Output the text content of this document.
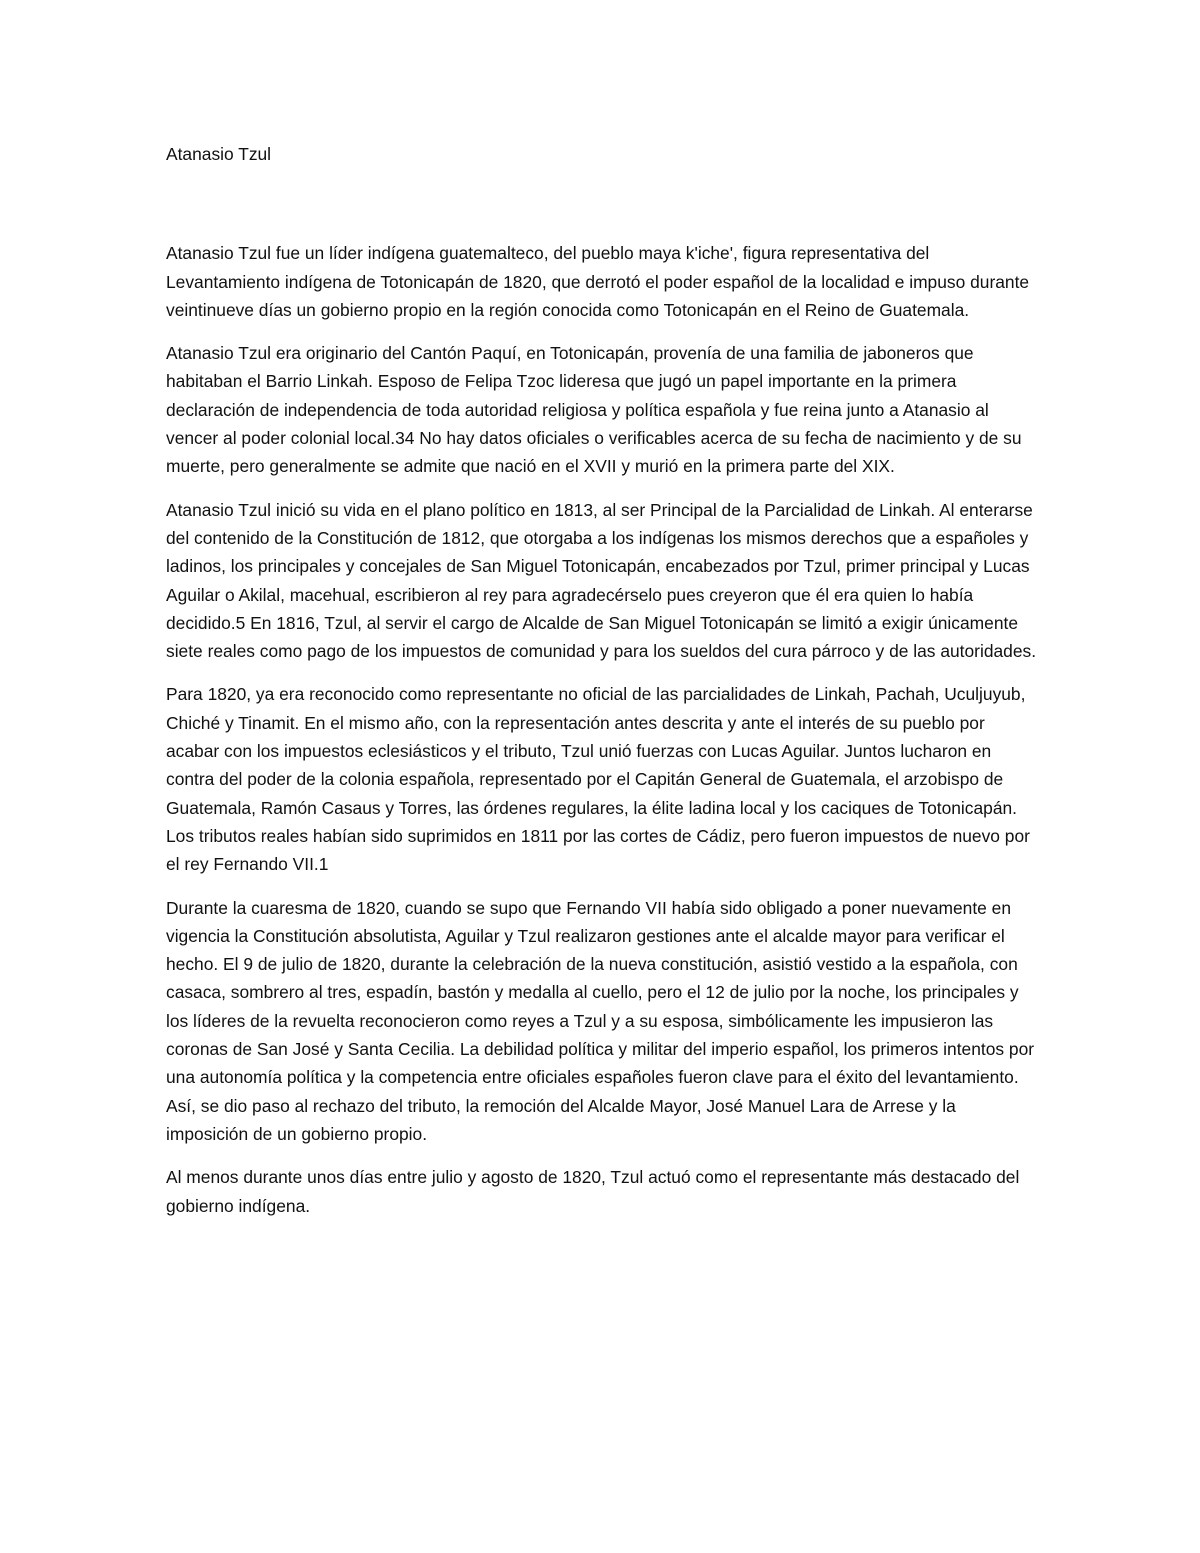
Atanasio Tzul

Atanasio Tzul fue un líder indígena guatemalteco, del pueblo maya k'iche', figura representativa del Levantamiento indígena de Totonicapán de 1820, que derrotó el poder español de la localidad e impuso durante veintinueve días un gobierno propio en la región conocida como Totonicapán en el Reino de Guatemala.

Atanasio Tzul era originario del Cantón Paquí, en Totonicapán, provenía de una familia de jaboneros que habitaban el Barrio Linkah. Esposo de Felipa Tzoc lideresa que jugó un papel importante en la primera declaración de independencia de toda autoridad religiosa y política española y fue reina junto a Atanasio al vencer al poder colonial local.34 No hay datos oficiales o verificables acerca de su fecha de nacimiento y de su muerte, pero generalmente se admite que nació en el XVII y murió en la primera parte del XIX.

Atanasio Tzul inició su vida en el plano político en 1813, al ser Principal de la Parcialidad de Linkah. Al enterarse del contenido de la Constitución de 1812, que otorgaba a los indígenas los mismos derechos que a españoles y ladinos, los principales y concejales de San Miguel Totonicapán, encabezados por Tzul, primer principal y Lucas Aguilar o Akilal, macehual, escribieron al rey para agradecérselo pues creyeron que él era quien lo había decidido.5 En 1816, Tzul, al servir el cargo de Alcalde de San Miguel Totonicapán se limitó a exigir únicamente siete reales como pago de los impuestos de comunidad y para los sueldos del cura párroco y de las autoridades.

Para 1820, ya era reconocido como representante no oficial de las parcialidades de Linkah, Pachah, Uculjuyub, Chiché y Tinamit. En el mismo año, con la representación antes descrita y ante el interés de su pueblo por acabar con los impuestos eclesiásticos y el tributo, Tzul unió fuerzas con Lucas Aguilar. Juntos lucharon en contra del poder de la colonia española, representado por el Capitán General de Guatemala, el arzobispo de Guatemala, Ramón Casaus y Torres, las órdenes regulares, la élite ladina local y los caciques de Totonicapán. Los tributos reales habían sido suprimidos en 1811 por las cortes de Cádiz, pero fueron impuestos de nuevo por el rey Fernando VII.1

Durante la cuaresma de 1820, cuando se supo que Fernando VII había sido obligado a poner nuevamente en vigencia la Constitución absolutista, Aguilar y Tzul realizaron gestiones ante el alcalde mayor para verificar el hecho. El 9 de julio de 1820, durante la celebración de la nueva constitución, asistió vestido a la española, con casaca, sombrero al tres, espadín, bastón y medalla al cuello, pero el 12 de julio por la noche, los principales y los líderes de la revuelta reconocieron como reyes a Tzul y a su esposa, simbólicamente les impusieron las coronas de San José y Santa Cecilia. La debilidad política y militar del imperio español, los primeros intentos por una autonomía política y la competencia entre oficiales españoles fueron clave para el éxito del levantamiento. Así, se dio paso al rechazo del tributo, la remoción del Alcalde Mayor, José Manuel Lara de Arrese y la imposición de un gobierno propio.

Al menos durante unos días entre julio y agosto de 1820, Tzul actuó como el representante más destacado del gobierno indígena.
